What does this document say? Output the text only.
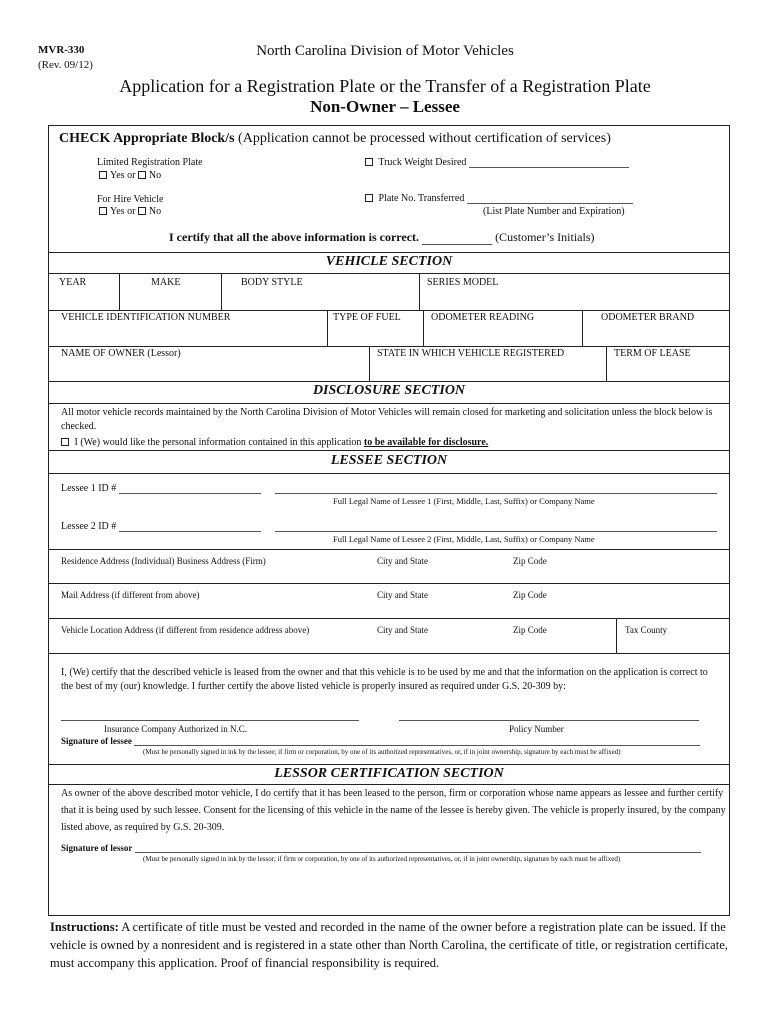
MVR-330
(Rev. 09/12)
North Carolina Division of Motor Vehicles
Application for a Registration Plate or the Transfer of a Registration Plate
Non-Owner – Lessee
CHECK Appropriate Block/s (Application cannot be processed without certification of services)
Limited Registration Plate
Yes or No
For Hire Vehicle
Yes or No
Truck Weight Desired
Plate No. Transferred
(List Plate Number and Expiration)
I certify that all the above information is correct.	(Customer’s Initials)
VEHICLE SECTION
YEAR	MAKE	BODY STYLE	SERIES MODEL
VEHICLE IDENTIFICATION NUMBER	TYPE OF FUEL	ODOMETER READING	ODOMETER BRAND
NAME OF OWNER (Lessor)	STATE IN WHICH VEHICLE REGISTERED	TERM OF LEASE
DISCLOSURE SECTION
All motor vehicle records maintained by the North Carolina Division of Motor Vehicles will remain closed for marketing and solicitation unless the block below is checked.
I (We) would like the personal information contained in this application to be available for disclosure.
LESSEE SECTION
Lessee 1 ID #
Full Legal Name of Lessee 1 (First, Middle, Last, Suffix) or Company Name
Lessee 2 ID #
Full Legal Name of Lessee 2 (First, Middle, Last, Suffix) or Company Name
Residence Address (Individual) Business Address (Firm)	City and State	Zip Code
Mail Address (if different from above)	City and State	Zip Code
Vehicle Location Address (if different from residence address above)	City and State	Zip Code	Tax County
I, (We) certify that the described vehicle is leased from the owner and that this vehicle is to be used by me and that the information on the application is correct to the best of my (our) knowledge. I further certify the above listed vehicle is properly insured as required under G.S. 20-309 by:
Insurance Company Authorized in N.C.	Policy Number
Signature of lessee
(Must be personally signed in ink by the lessee; if firm or corporation, by one of its authorized representatives, or, if in joint ownership, signature by each must be affixed)
LESSOR CERTIFICATION SECTION
As owner of the above described motor vehicle, I do certify that it has been leased to the person, firm or corporation whose name appears as lessee and further certify that it is being used by such lessee. Consent for the licensing of this vehicle in the name of the lessee is hereby given. The vehicle is properly insured, by the company listed above, as required by G.S. 20-309.
Signature of lessor
(Must be personally signed in ink by the lessor; if firm or corporation, by one of its authorized representatives, or, if in joint ownership, signature by each must be affixed)
Instructions: A certificate of title must be vested and recorded in the name of the owner before a registration plate can be issued. If the vehicle is owned by a nonresident and is registered in a state other than North Carolina, the certificate of title, or registration certificate, must accompany this application. Proof of financial responsibility is required.
